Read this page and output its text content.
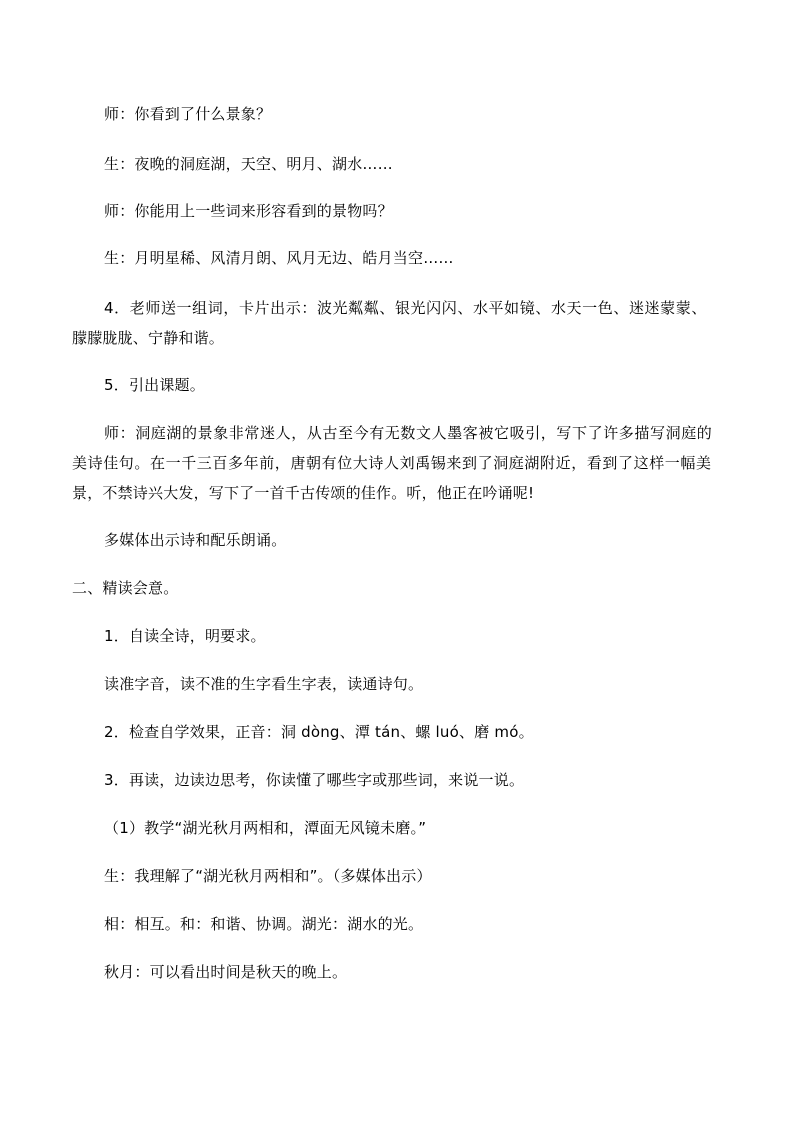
师：你看到了什么景象？
生：夜晚的洞庭湖，天空、明月、湖水……
师：你能用上一些词来形容看到的景物吗？
生：月明星稀、风清月朗、风月无边、皓月当空……
4．老师送一组词，卡片出示：波光粼粼、银光闪闪、水平如镜、水天一色、迷迷蒙蒙、
朦朦胧胧、宁静和谐。
5．引出课题。
师：洞庭湖的景象非常迷人，从古至今有无数文人墨客被它吸引，写下了许多描写洞庭的
美诗佳句。在一千三百多年前，唐朝有位大诗人刘禹锡来到了洞庭湖附近，看到了这样一幅美
景，不禁诗兴大发，写下了一首千古传颂的佳作。听，他正在吟诵呢!
多媒体出示诗和配乐朗诵。
二、精读会意。
1．自读全诗，明要求。
读准字音，读不准的生字看生字表，读通诗句。
2．检查自学效果，正音：洞 dòng、潭 tán、螺 luó、磨 mó。
3．再读，边读边思考，你读懂了哪些字或那些词，来说一说。
（1）教学“湖光秋月两相和，潭面无风镜未磨。”
生：我理解了“湖光秋月两相和”。（多媒体出示）
相：相互。和：和谐、协调。湖光：湖水的光。
秋月：可以看出时间是秋天的晚上。
